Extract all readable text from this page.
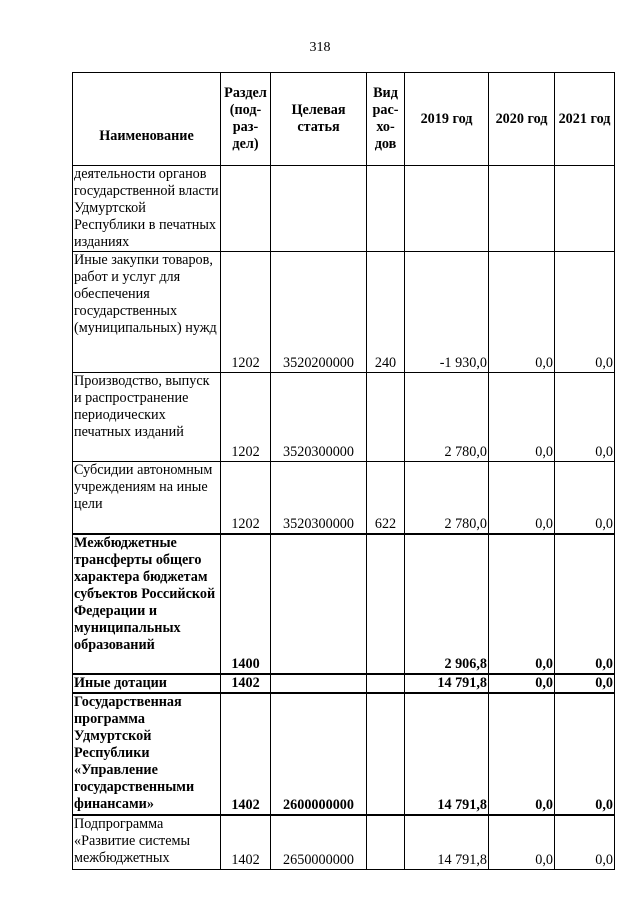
318
Наименование	Раздел (под-раз-дел)	Целевая статья	Вид рас-хо-дов	2019 год	2020 год	2021 год
деятельности органов государственной власти Удмуртской Республики в печатных изданиях						
Иные закупки товаров, работ и услуг для обеспечения государственных (муниципальных) нужд	1202	3520200000	240	-1 930,0	0,0	0,0
Производство, выпуск и распространение периодических печатных изданий	1202	3520300000		2 780,0	0,0	0,0
Субсидии автономным учреждениям на иные цели	1202	3520300000	622	2 780,0	0,0	0,0
Межбюджетные трансферты общего характера бюджетам субъектов Российской Федерации и муниципальных образований	1400			2 906,8	0,0	0,0
Иные дотации	1402			14 791,8	0,0	0,0
Государственная программа Удмуртской Республики «Управление государственными финансами»	1402	2600000000		14 791,8	0,0	0,0
Подпрограмма «Развитие системы межбюджетных	1402	2650000000		14 791,8	0,0	0,0
